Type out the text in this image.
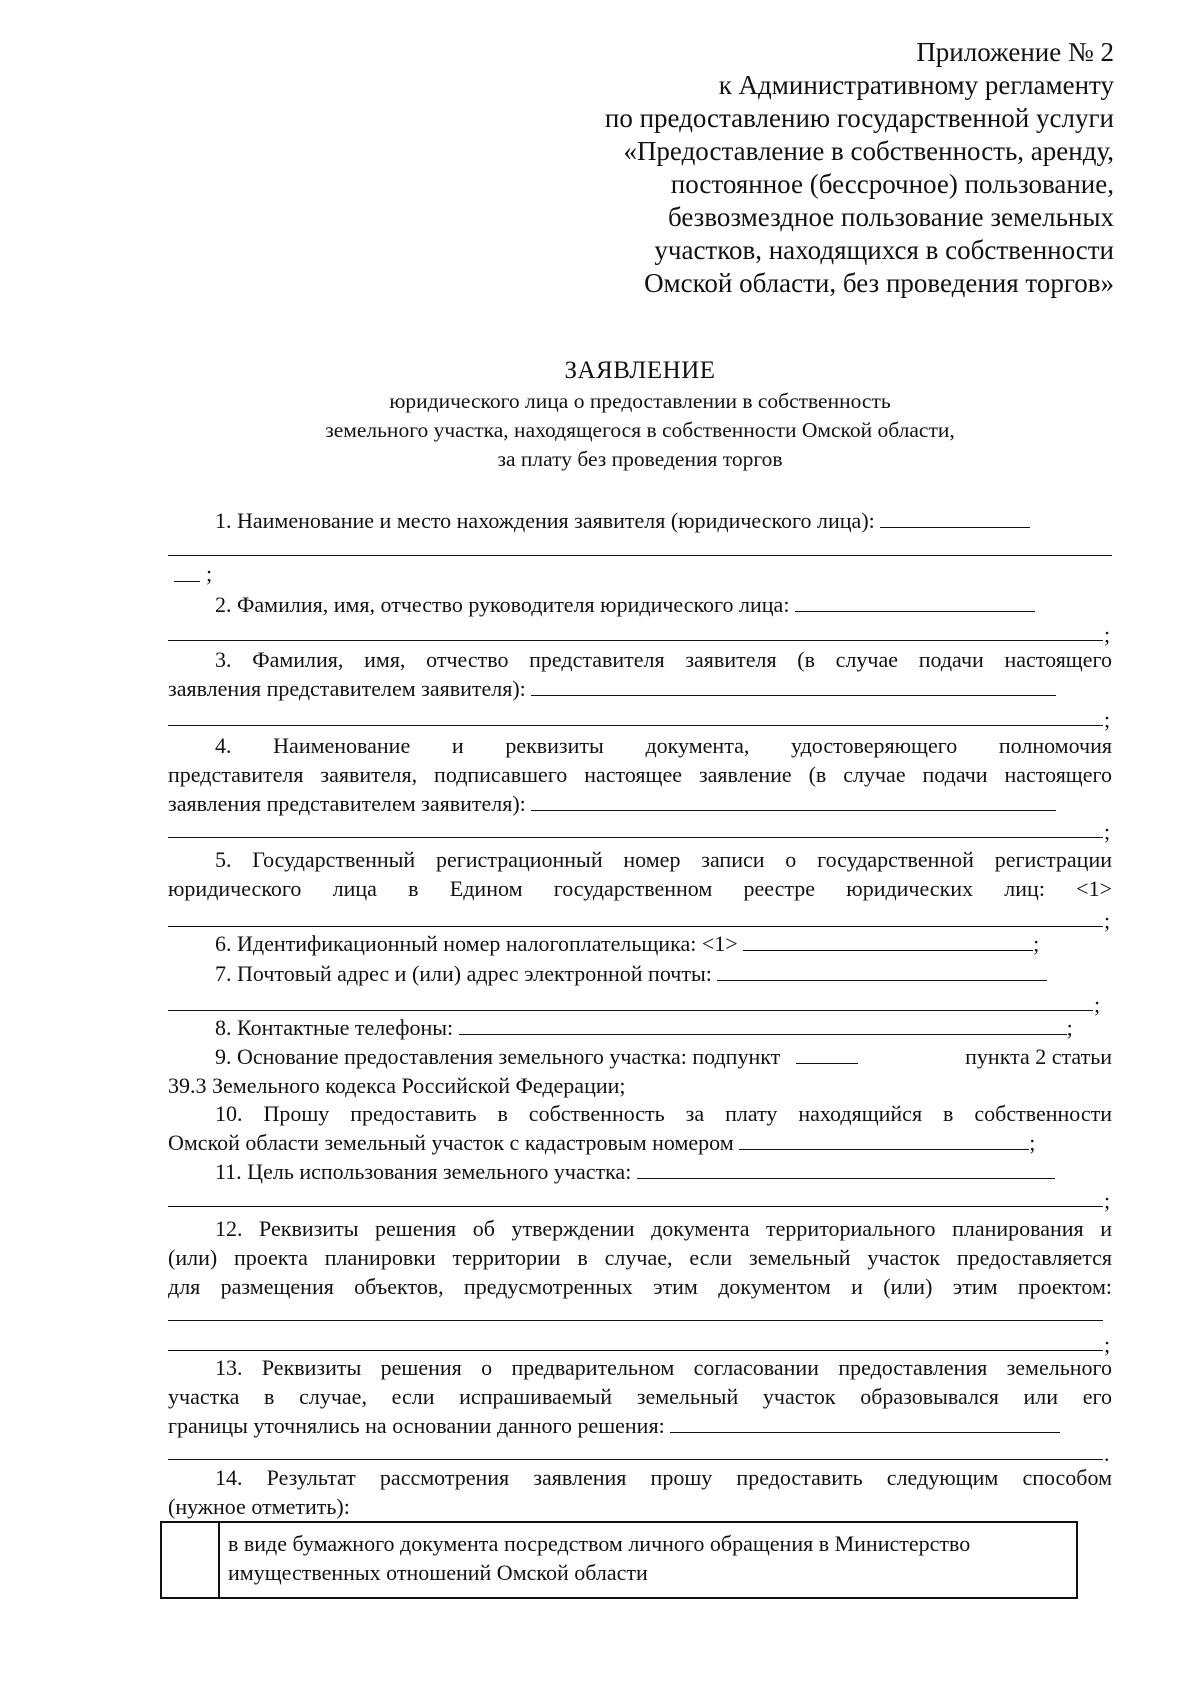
Приложение № 2
к Административному регламенту
по предоставлению государственной услуги
«Предоставление в собственность, аренду,
постоянное (бессрочное) пользование,
безвозмездное пользование земельных
участков, находящихся в собственности
Омской области, без проведения торгов»
ЗАЯВЛЕНИЕ
юридического лица о предоставлении в собственность
земельного участка, находящегося в собственности Омской области,
за плату без проведения торгов
1. Наименование и место нахождения заявителя (юридического лица):
;
2. Фамилия, имя, отчество руководителя юридического лица:
;
3. Фамилия, имя, отчество представителя заявителя (в случае подачи настоящего
заявления представителем заявителя):
;
4. Наименование и реквизиты документа, удостоверяющего полномочия
представителя заявителя, подписавшего настоящее заявление (в случае подачи настоящего
заявления представителем заявителя):
;
5. Государственный регистрационный номер записи о государственной регистрации
юридического лица в Едином государственном реестре юридических лиц: <1>
;
6. Идентификационный номер налогоплательщика: <1>	;
7. Почтовый адрес и (или) адрес электронной почты:
;
8. Контактные телефоны:	;
9. Основание предоставления земельного участка: подпункт	пункта 2 статьи
39.3 Земельного кодекса Российской Федерации;
10. Прошу предоставить в собственность за плату находящийся в собственности
Омской области земельный участок с кадастровым номером	;
11. Цель использования земельного участка:
;
12. Реквизиты решения об утверждении документа территориального планирования и
(или) проекта планировки территории в случае, если земельный участок предоставляется
для размещения объектов, предусмотренных этим документом и (или) этим проектом:
;
13. Реквизиты решения о предварительном согласовании предоставления земельного
участка в случае, если испрашиваемый земельный участок образовывался или его
границы уточнялись на основании данного решения:
.
14. Результат рассмотрения заявления прошу предоставить следующим способом
(нужное отметить):
в виде бумажного документа посредством личного обращения в Министерство
имущественных отношений Омской области
